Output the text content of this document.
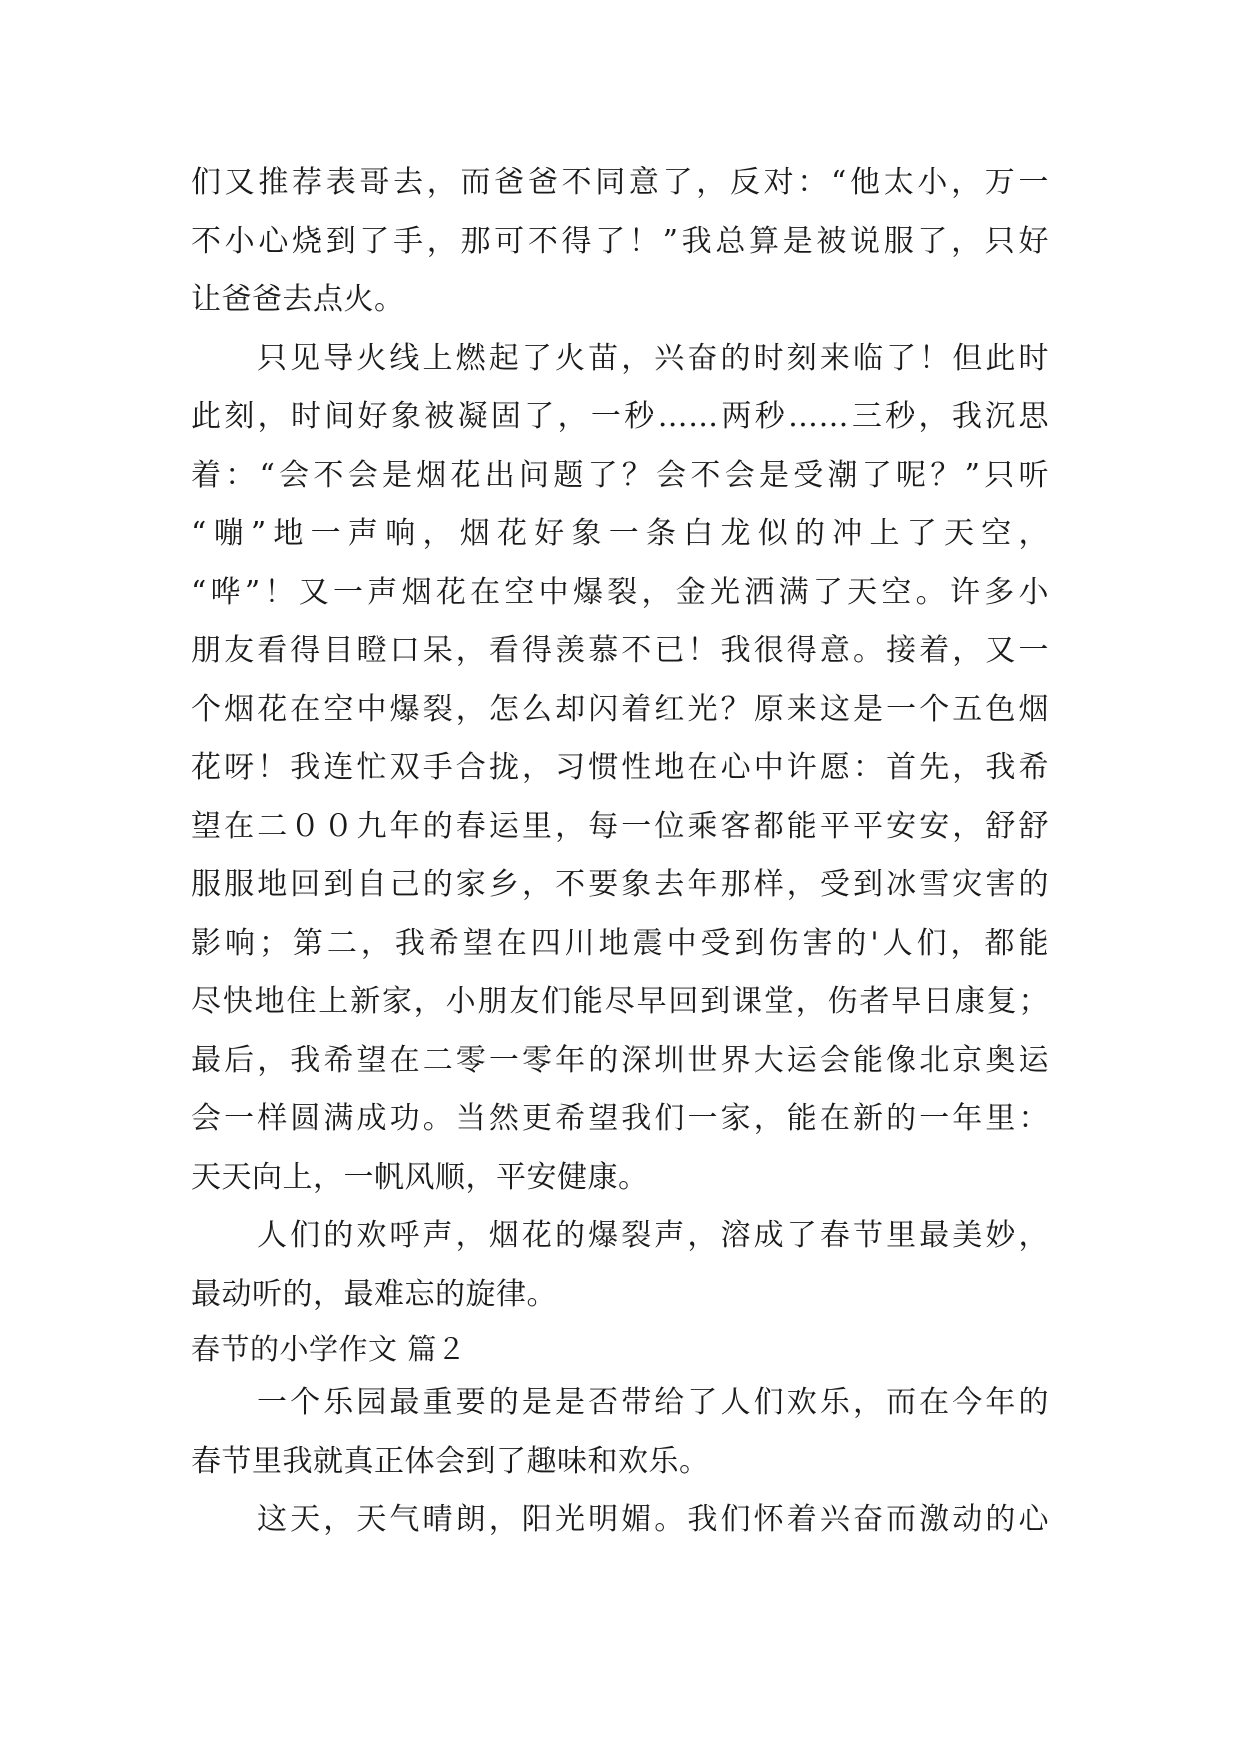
们又推荐表哥去，而爸爸不同意了，反对：“他太小，万一
不小心烧到了手，那可不得了！”我总算是被说服了，只好
让爸爸去点火。
只见导火线上燃起了火苗，兴奋的时刻来临了！但此时
此刻，时间好象被凝固了，一秒……两秒……三秒，我沉思
着：“会不会是烟花出问题了？会不会是受潮了呢？”只听
“嘣”地一声响，烟花好象一条白龙似的冲上了天空，
“哗”！又一声烟花在空中爆裂，金光洒满了天空。许多小
朋友看得目瞪口呆，看得羡慕不已！我很得意。接着，又一
个烟花在空中爆裂，怎么却闪着红光？原来这是一个五色烟
花呀！我连忙双手合拢，习惯性地在心中许愿：首先，我希
望在二００九年的春运里，每一位乘客都能平平安安，舒舒
服服地回到自己的家乡，不要象去年那样，受到冰雪灾害的
影响；第二，我希望在四川地震中受到伤害的'人们，都能
尽快地住上新家，小朋友们能尽早回到课堂，伤者早日康复；
最后，我希望在二零一零年的深圳世界大运会能像北京奥运
会一样圆满成功。当然更希望我们一家，能在新的一年里：
天天向上，一帆风顺，平安健康。
人们的欢呼声，烟花的爆裂声，溶成了春节里最美妙，
最动听的，最难忘的旋律。
春节的小学作文 篇２
一个乐园最重要的是是否带给了人们欢乐，而在今年的
春节里我就真正体会到了趣味和欢乐。
这天，天气晴朗，阳光明媚。我们怀着兴奋而激动的心
